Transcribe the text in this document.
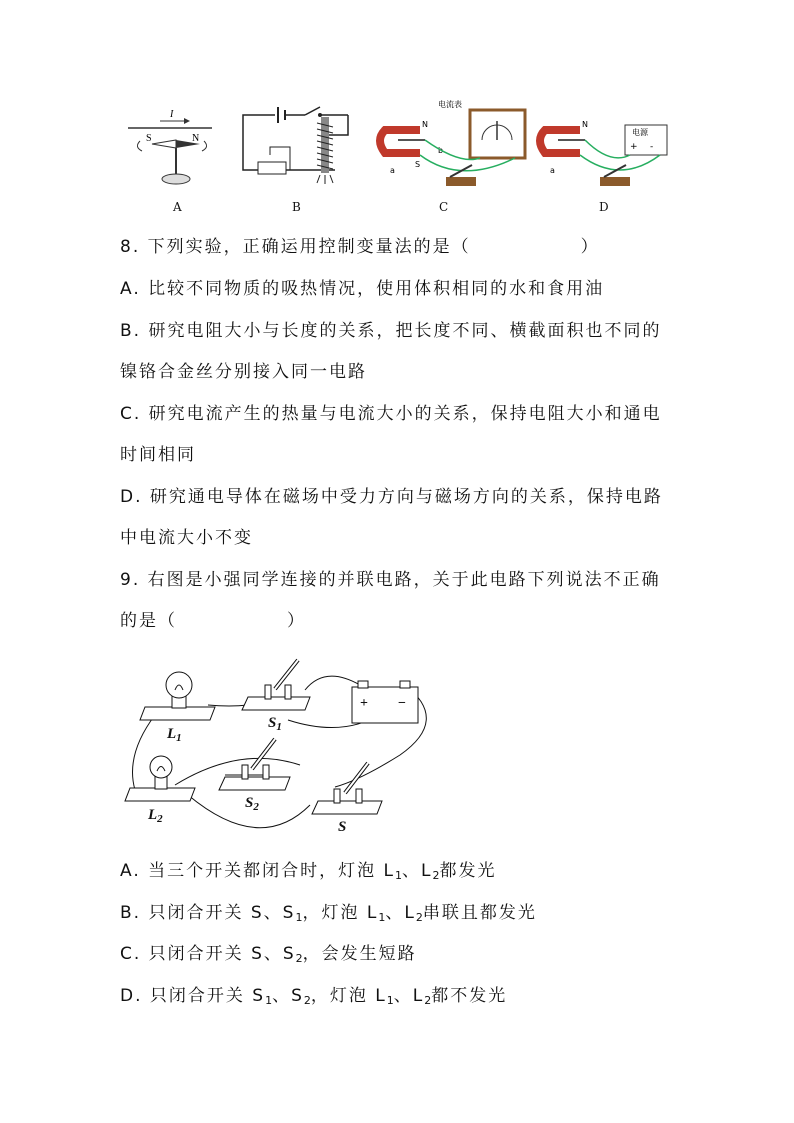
I
S	N
N
S
a
b
电流表
N
a
电源
+ -
A	B	C	D
8. 下列实验，正确运用控制变量法的是（	）
A. 比较不同物质的吸热情况，使用体积相同的水和食用油
B. 研究电阻大小与长度的关系，把长度不同、横截面积也不同的
镍铬合金丝分别接入同一电路
C. 研究电流产生的热量与电流大小的关系，保持电阻大小和通电
时间相同
D. 研究通电导体在磁场中受力方向与磁场方向的关系，保持电路
中电流大小不变
9. 右图是小强同学连接的并联电路，关于此电路下列说法不正确
的是（	）
$L_1$
$S_1$
+ −
$L_2$
$S_2$
S
A. 当三个开关都闭合时，灯泡 $L_1$、$L_2$都发光
B. 只闭合开关 S、$S_1$，灯泡 $L_1$、$L_2$串联且都发光
C. 只闭合开关 S、$S_2$，会发生短路
D. 只闭合开关 $S_1$、$S_2$，灯泡 $L_1$、$L_2$都不发光
